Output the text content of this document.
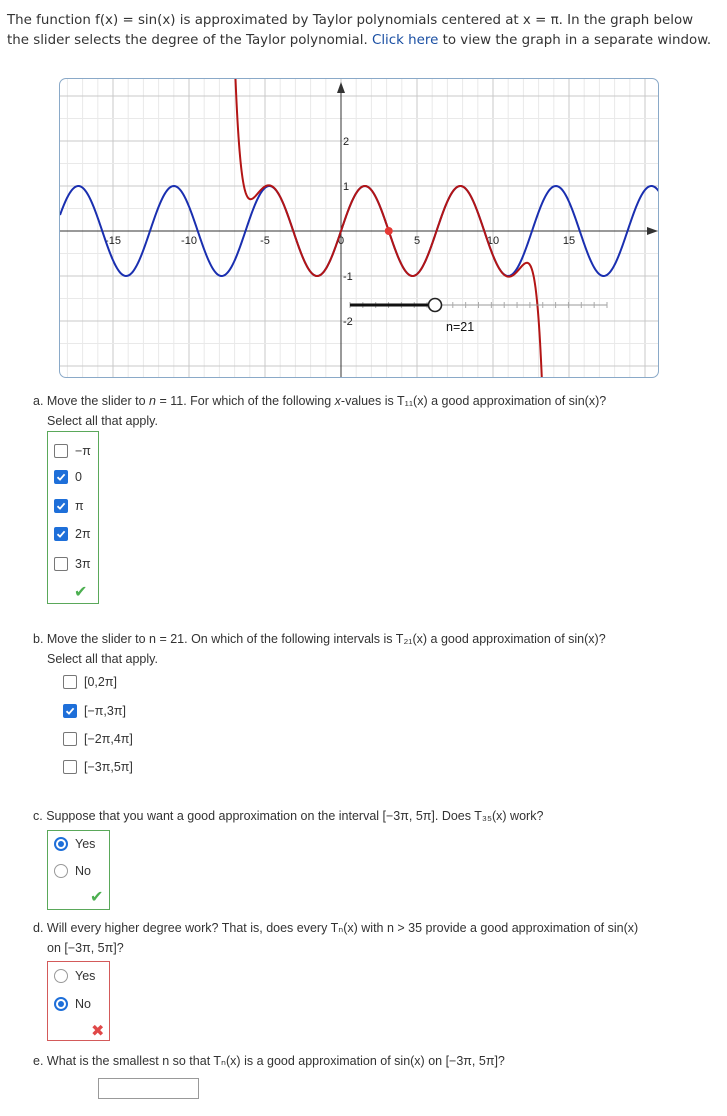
The function f(x) = sin(x) is approximated by Taylor polynomials centered at x = π. In the graph below the slider selects the degree of the Taylor polynomial. Click here to view the graph in a separate window.
-15	-10	-5	0	5	10	15
2
1
-1
-2	n=21
a. Move the slider to n = 11. For which of the following x-values is T₁₁(x) a good approximation of sin(x)?
Select all that apply.
−π
0
π
2π
3π
✔
b. Move the slider to n = 21. On which of the following intervals is T₂₁(x) a good approximation of sin(x)?
Select all that apply.
[0,2π]
[−π,3π]
[−2π,4π]
[−3π,5π]
c. Suppose that you want a good approximation on the interval [−3π, 5π]. Does T₃₅(x) work?
Yes
No
✔
d. Will every higher degree work? That is, does every Tₙ(x) with n > 35 provide a good approximation of sin(x)
on [−3π, 5π]?
Yes
No
✖
e. What is the smallest n so that Tₙ(x) is a good approximation of sin(x) on [−3π, 5π]?
